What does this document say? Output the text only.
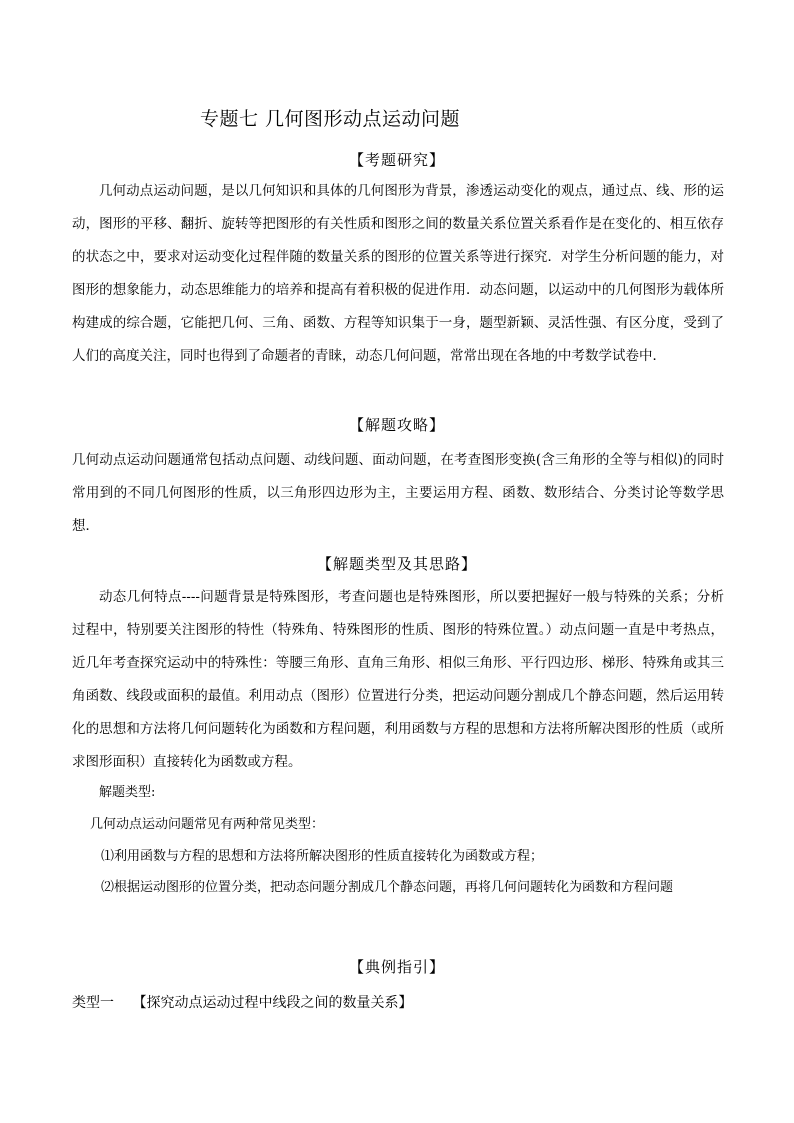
专题七 几何图形动点运动问题
【考题研究】
几何动点运动问题，是以几何知识和具体的几何图形为背景，渗透运动变化的观点，通过点、线、形的运动，图形的平移、翻折、旋转等把图形的有关性质和图形之间的数量关系位置关系看作是在变化的、相互依存的状态之中，要求对运动变化过程伴随的数量关系的图形的位置关系等进行探究．对学生分析问题的能力，对图形的想象能力，动态思维能力的培养和提高有着积极的促进作用．动态问题，以运动中的几何图形为载体所构建成的综合题，它能把几何、三角、函数、方程等知识集于一身，题型新颖、灵活性强、有区分度，受到了人们的高度关注，同时也得到了命题者的青睐，动态几何问题，常常出现在各地的中考数学试卷中．
【解题攻略】
几何动点运动问题通常包括动点问题、动线问题、面动问题，在考查图形变换(含三角形的全等与相似)的同时常用到的不同几何图形的性质，以三角形四边形为主，主要运用方程、函数、数形结合、分类讨论等数学思想．
【解题类型及其思路】
动态几何特点----问题背景是特殊图形，考查问题也是特殊图形，所以要把握好一般与特殊的关系；分析过程中，特别要关注图形的特性（特殊角、特殊图形的性质、图形的特殊位置。）动点问题一直是中考热点，近几年考查探究运动中的特殊性：等腰三角形、直角三角形、相似三角形、平行四边形、梯形、特殊角或其三角函数、线段或面积的最值。利用动点（图形）位置进行分类，把运动问题分割成几个静态问题，然后运用转化的思想和方法将几何问题转化为函数和方程问题，利用函数与方程的思想和方法将所解决图形的性质（或所求图形面积）直接转化为函数或方程。
解题类型:
几何动点运动问题常见有两种常见类型：
⑴利用函数与方程的思想和方法将所解决图形的性质直接转化为函数或方程；
⑵根据运动图形的位置分类，把动态问题分割成几个静态问题，再将几何问题转化为函数和方程问题
【典例指引】
类型一 【探究动点运动过程中线段之间的数量关系】
